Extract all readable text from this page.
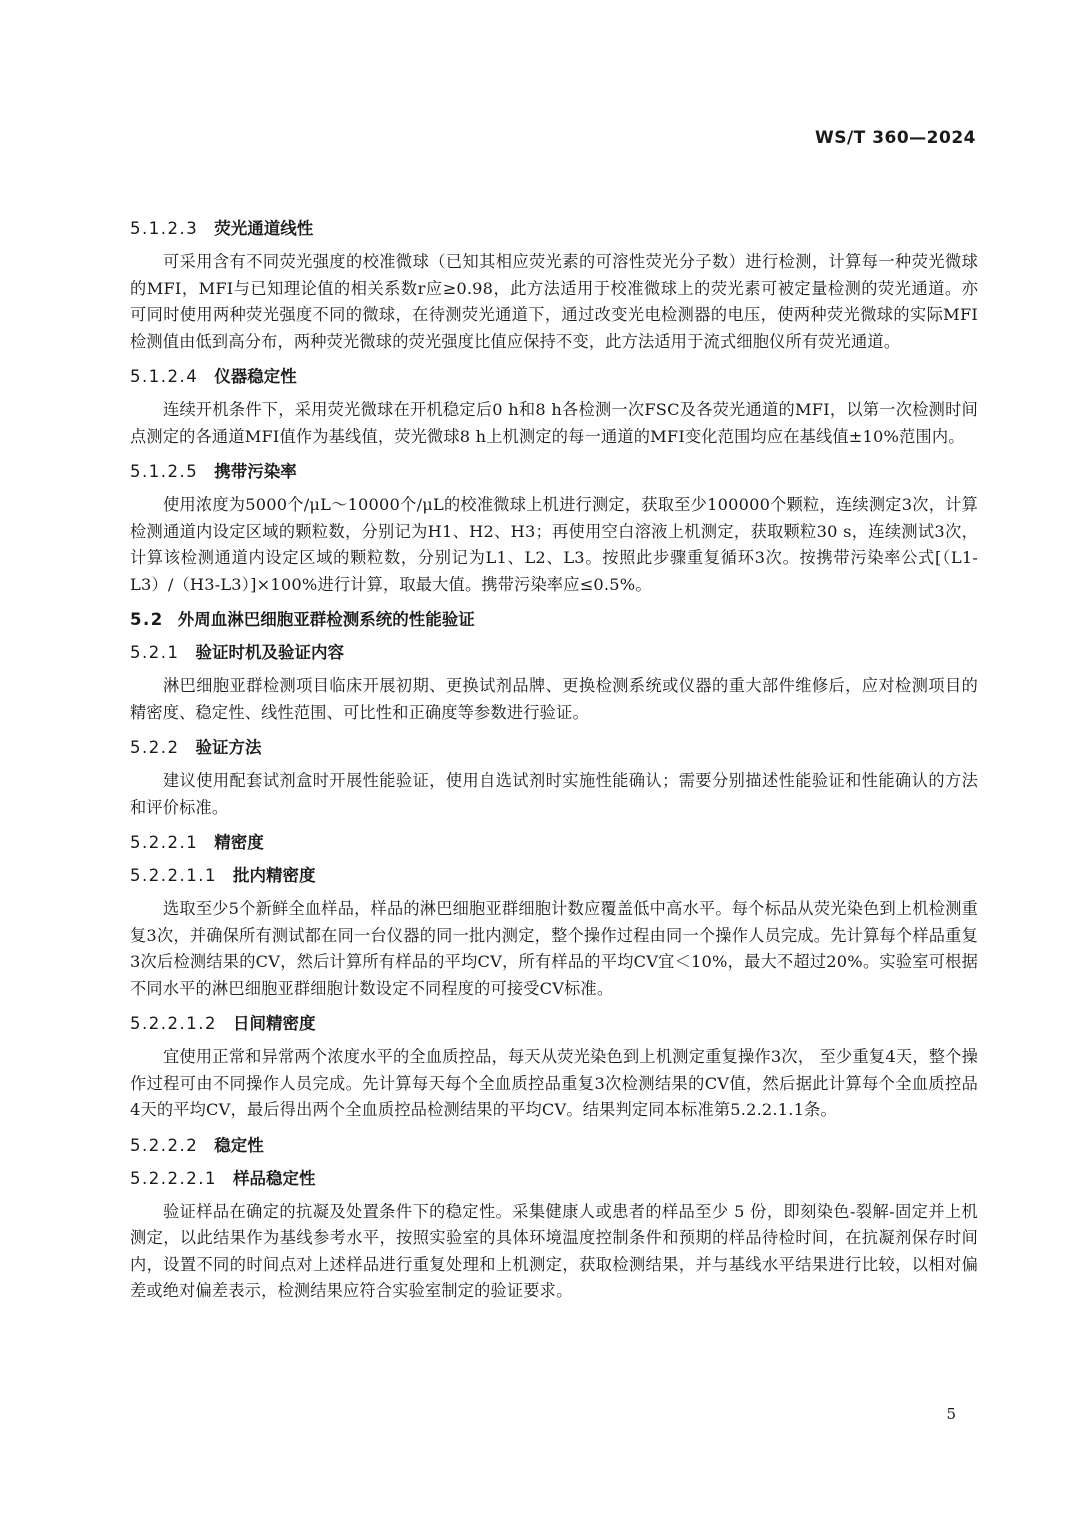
WS/T 360—2024
5.1.2.3 荧光通道线性
可采用含有不同荧光强度的校准微球（已知其相应荧光素的可溶性荧光分子数）进行检测，计算每一种荧光微球的MFI，MFI与已知理论值的相关系数r应≥0.98，此方法适用于校准微球上的荧光素可被定量检测的荧光通道。亦可同时使用两种荧光强度不同的微球，在待测荧光通道下，通过改变光电检测器的电压，使两种荧光微球的实际MFI检测值由低到高分布，两种荧光微球的荧光强度比值应保持不变，此方法适用于流式细胞仪所有荧光通道。
5.1.2.4 仪器稳定性
连续开机条件下，采用荧光微球在开机稳定后0 h和8 h各检测一次FSC及各荧光通道的MFI，以第一次检测时间点测定的各通道MFI值作为基线值，荧光微球8 h上机测定的每一通道的MFI变化范围均应在基线值±10%范围内。
5.1.2.5 携带污染率
使用浓度为5000个/μL～10000个/μL的校准微球上机进行测定，获取至少100000个颗粒，连续测定3次，计算检测通道内设定区域的颗粒数，分别记为H1、H2、H3；再使用空白溶液上机测定，获取颗粒30 s，连续测试3次，计算该检测通道内设定区域的颗粒数，分别记为L1、L2、L3。按照此步骤重复循环3次。按携带污染率公式[（L1-L3）/（H3-L3）]×100%进行计算，取最大值。携带污染率应≤0.5%。
5.2 外周血淋巴细胞亚群检测系统的性能验证
5.2.1 验证时机及验证内容
淋巴细胞亚群检测项目临床开展初期、更换试剂品牌、更换检测系统或仪器的重大部件维修后，应对检测项目的精密度、稳定性、线性范围、可比性和正确度等参数进行验证。
5.2.2 验证方法
建议使用配套试剂盒时开展性能验证，使用自选试剂时实施性能确认；需要分别描述性能验证和性能确认的方法和评价标准。
5.2.2.1 精密度
5.2.2.1.1 批内精密度
选取至少5个新鲜全血样品，样品的淋巴细胞亚群细胞计数应覆盖低中高水平。每个标品从荧光染色到上机检测重复3次，并确保所有测试都在同一台仪器的同一批内测定，整个操作过程由同一个操作人员完成。先计算每个样品重复3次后检测结果的CV，然后计算所有样品的平均CV，所有样品的平均CV宜＜10%，最大不超过20%。实验室可根据不同水平的淋巴细胞亚群细胞计数设定不同程度的可接受CV标准。
5.2.2.1.2 日间精密度
宜使用正常和异常两个浓度水平的全血质控品，每天从荧光染色到上机测定重复操作3次， 至少重复4天，整个操作过程可由不同操作人员完成。先计算每天每个全血质控品重复3次检测结果的CV值，然后据此计算每个全血质控品4天的平均CV，最后得出两个全血质控品检测结果的平均CV。结果判定同本标准第5.2.2.1.1条。
5.2.2.2 稳定性
5.2.2.2.1 样品稳定性
验证样品在确定的抗凝及处置条件下的稳定性。采集健康人或患者的样品至少 5 份，即刻染色-裂解-固定并上机测定，以此结果作为基线参考水平，按照实验室的具体环境温度控制条件和预期的样品待检时间，在抗凝剂保存时间内，设置不同的时间点对上述样品进行重复处理和上机测定，获取检测结果，并与基线水平结果进行比较，以相对偏差或绝对偏差表示，检测结果应符合实验室制定的验证要求。
5
